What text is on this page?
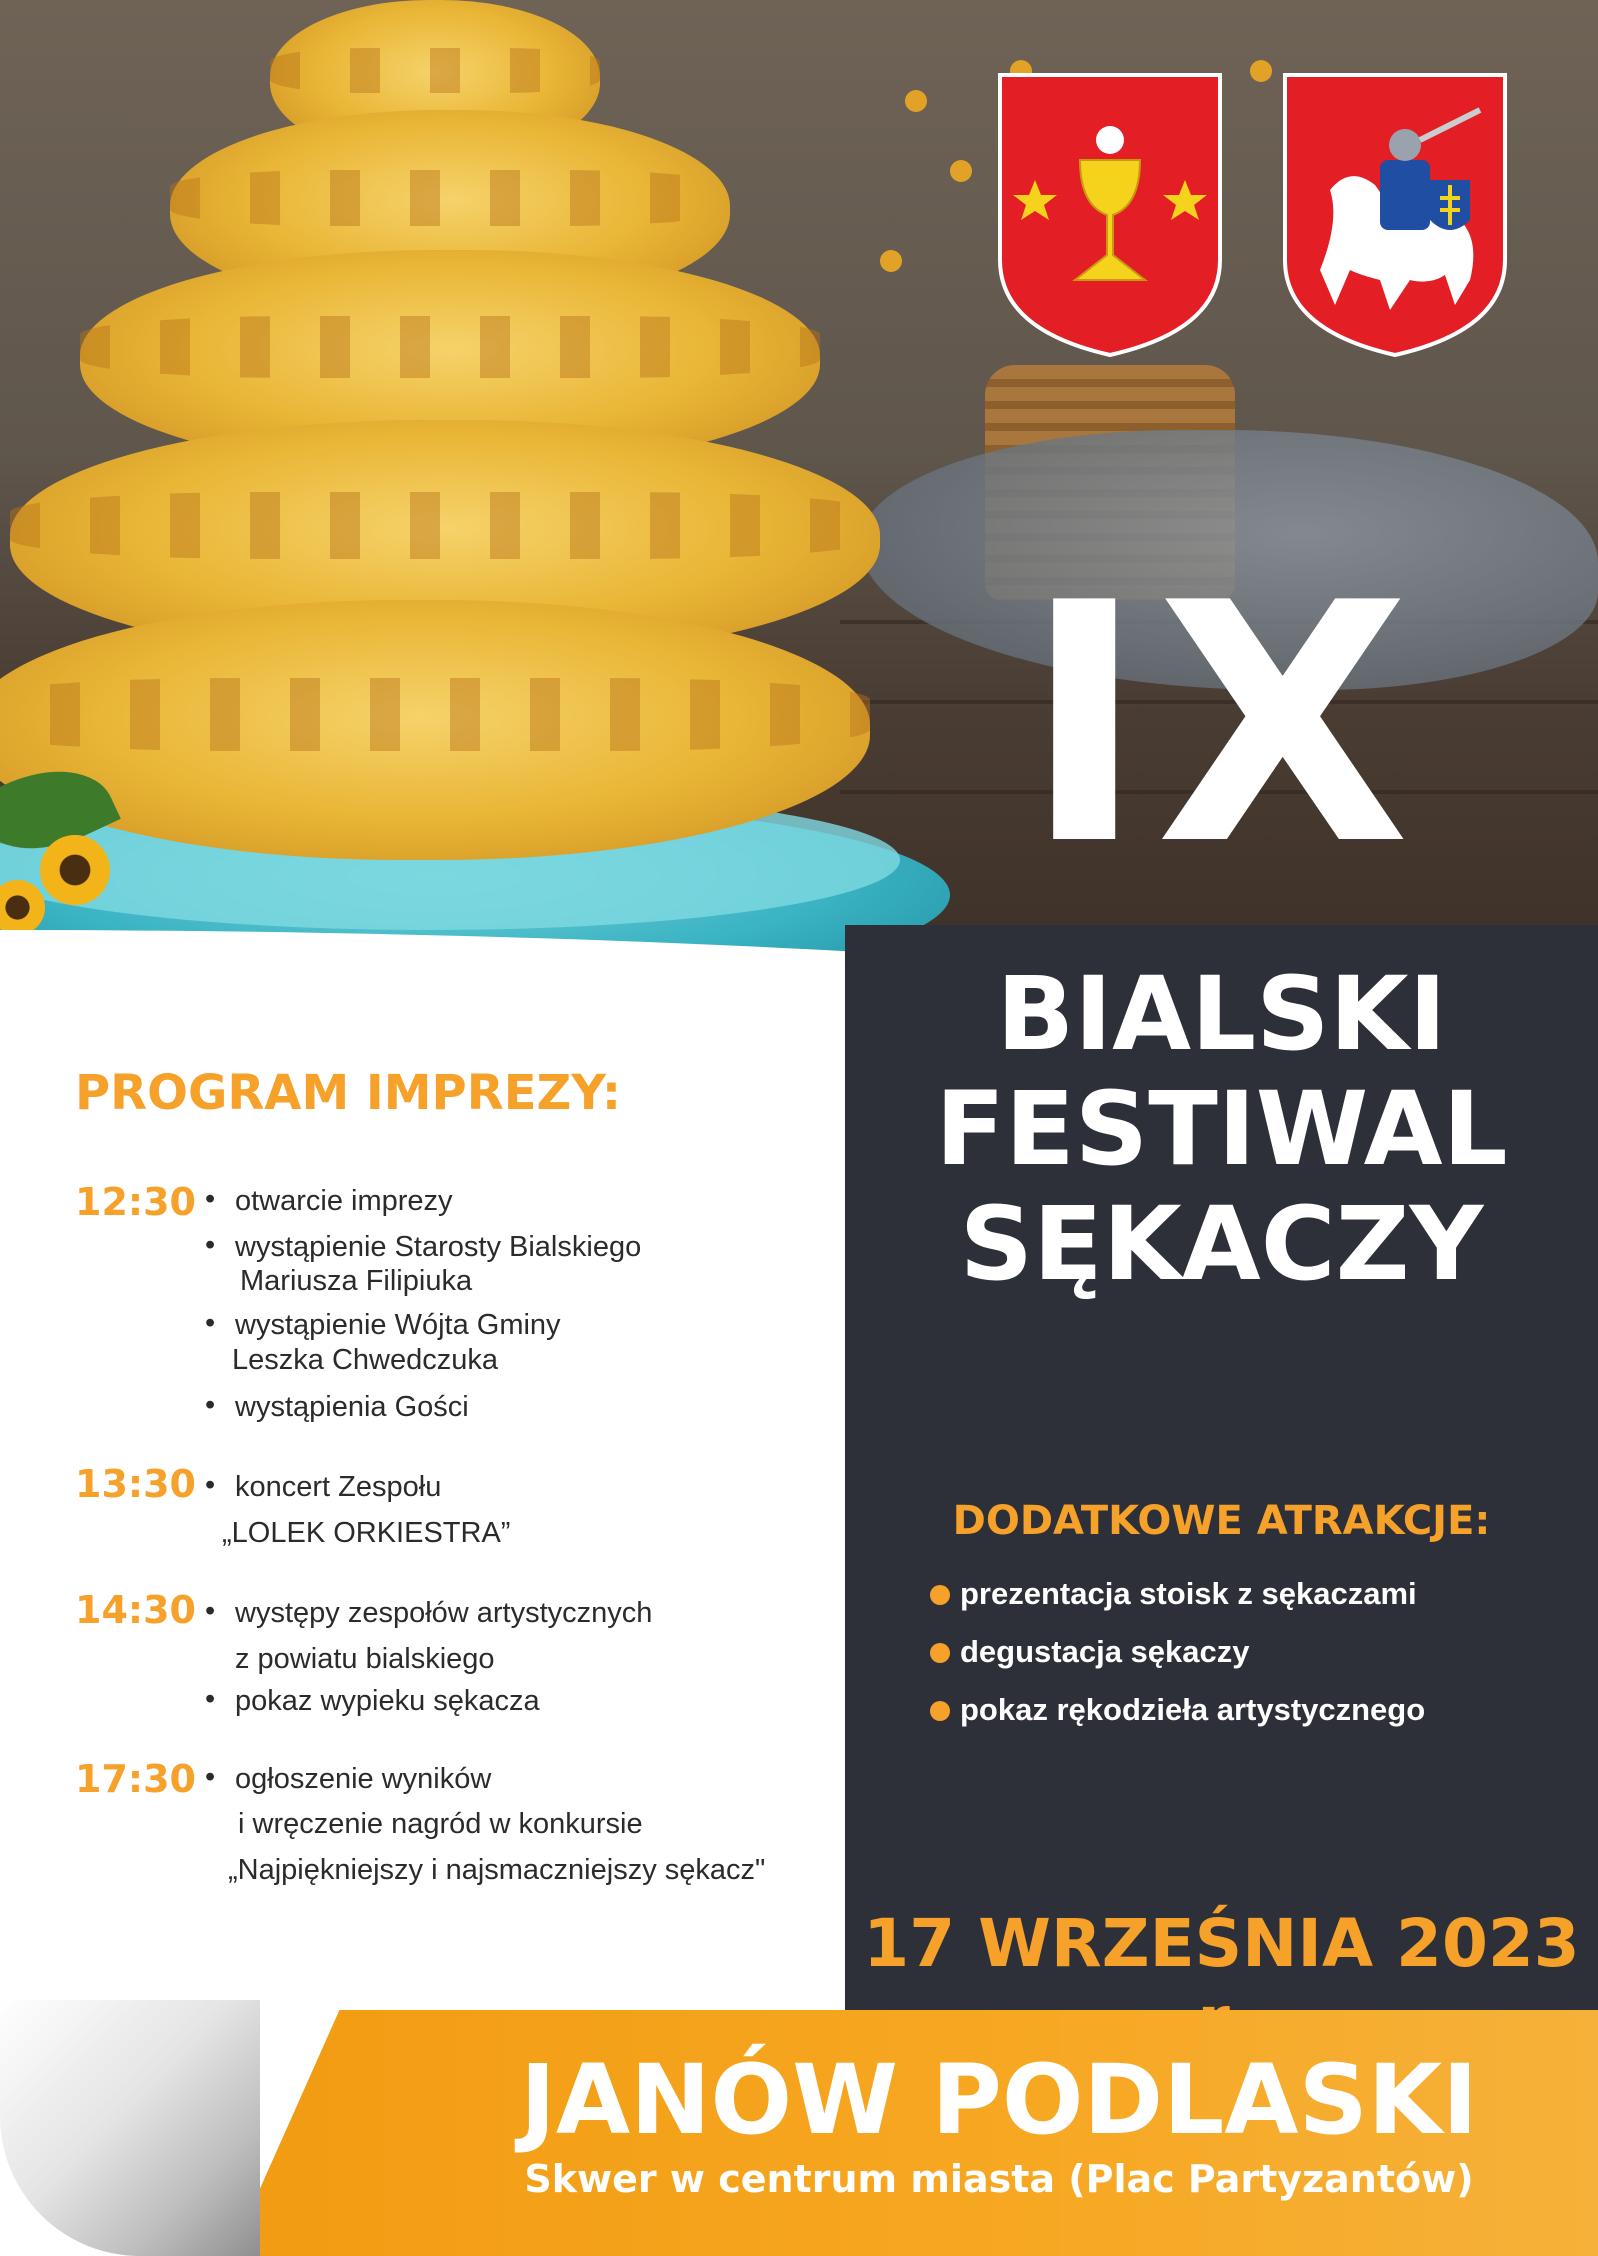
IX
BIALSKI
FESTIWAL
SĘKACZY
PROGRAM IMPREZY:
12:30 • otwarcie imprezy
• wystąpienie Starosty Bialskiego
Mariusza Filipiuka
• wystąpienie Wójta Gminy
Leszka Chwedczuka
• wystąpienia Gości
13:30 • koncert Zespołu
„LOLEK ORKIESTRA”
14:30 • występy zespołów artystycznych
z powiatu bialskiego
• pokaz wypieku sękacza
17:30 • ogłoszenie wyników
i wręczenie nagród w konkursie
„Najpiękniejszy i najsmaczniejszy sękacz"
DODATKOWE ATRAKCJE:
prezentacja stoisk z sękaczami
degustacja sękaczy
pokaz rękodzieła artystycznego
17 WRZEŚNIA 2023
JANÓW PODLASKI
Skwer w centrum miasta (Plac Partyzantów)
